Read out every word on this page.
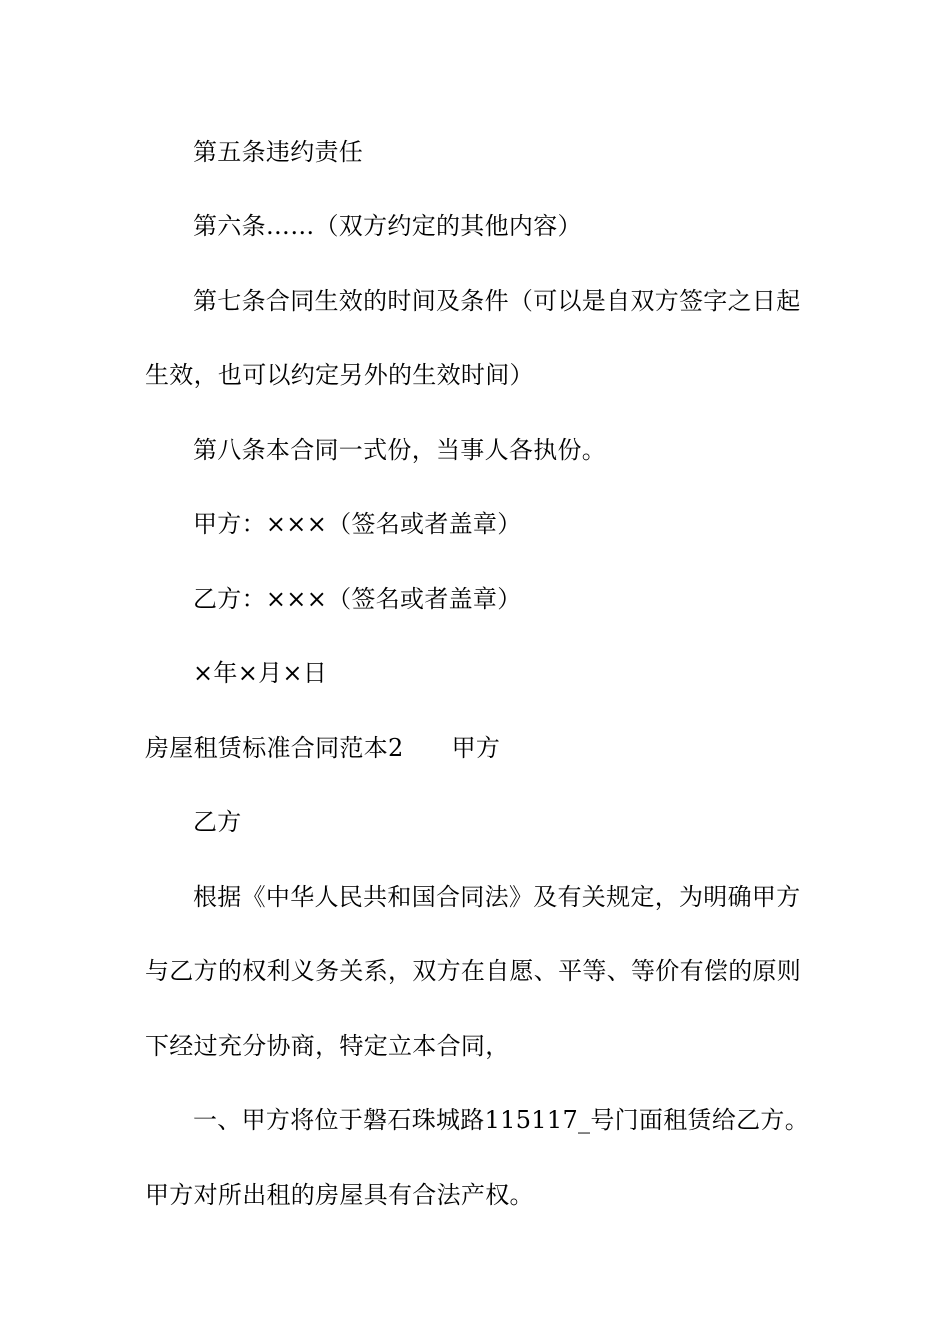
第五条违约责任
第六条……（双方约定的其他内容）
第七条合同生效的时间及条件（可以是自双方签字之日起
生效，也可以约定另外的生效时间）
第八条本合同一式份，当事人各执份。
甲方：×××（签名或者盖章）
乙方：×××（签名或者盖章）
×年×月×日
房屋租赁标准合同范本2 甲方
乙方
根据《中华人民共和国合同法》及有关规定，为明确甲方
与乙方的权利义务关系，双方在自愿、平等、等价有偿的原则
下经过充分协商，特定立本合同，
一、甲方将位于磐石珠城路115117_号门面租赁给乙方。
甲方对所出租的房屋具有合法产权。
